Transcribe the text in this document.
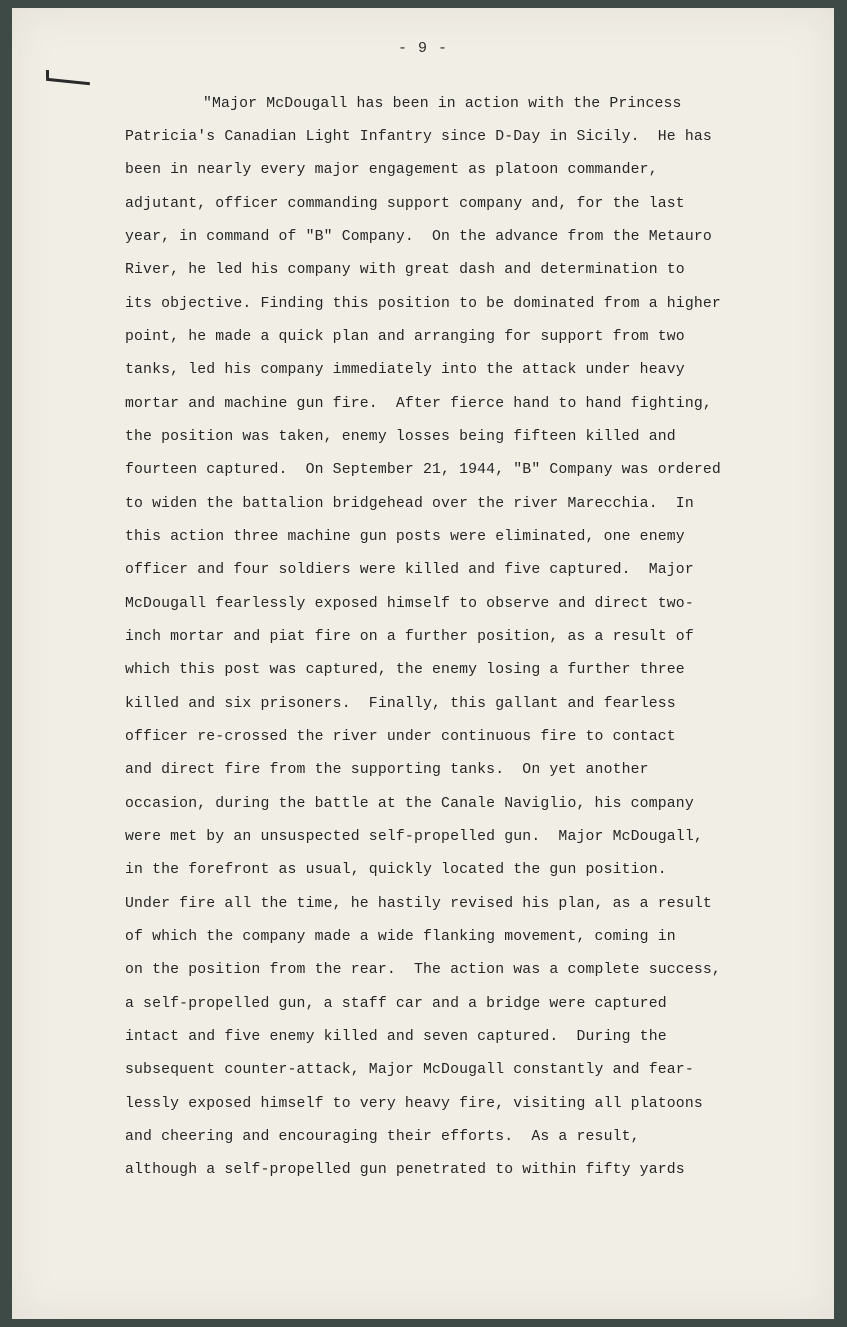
- 9 -
"Major McDougall has been in action with the Princess
Patricia's Canadian Light Infantry since D-Day in Sicily.  He has
been in nearly every major engagement as platoon commander,
adjutant, officer commanding support company and, for the last
year, in command of "B" Company.  On the advance from the Metauro
River, he led his company with great dash and determination to
its objective. Finding this position to be dominated from a higher
point, he made a quick plan and arranging for support from two
tanks, led his company immediately into the attack under heavy
mortar and machine gun fire.  After fierce hand to hand fighting,
the position was taken, enemy losses being fifteen killed and
fourteen captured.  On September 21, 1944, "B" Company was ordered
to widen the battalion bridgehead over the river Marecchia.  In
this action three machine gun posts were eliminated, one enemy
officer and four soldiers were killed and five captured.  Major
McDougall fearlessly exposed himself to observe and direct two-
inch mortar and piat fire on a further position, as a result of
which this post was captured, the enemy losing a further three
killed and six prisoners.  Finally, this gallant and fearless
officer re-crossed the river under continuous fire to contact
and direct fire from the supporting tanks.  On yet another
occasion, during the battle at the Canale Naviglio, his company
were met by an unsuspected self-propelled gun.  Major McDougall,
in the forefront as usual, quickly located the gun position.
Under fire all the time, he hastily revised his plan, as a result
of which the company made a wide flanking movement, coming in
on the position from the rear.  The action was a complete success,
a self-propelled gun, a staff car and a bridge were captured
intact and five enemy killed and seven captured.  During the
subsequent counter-attack, Major McDougall constantly and fear-
lessly exposed himself to very heavy fire, visiting all platoons
and cheering and encouraging their efforts.  As a result,
although a self-propelled gun penetrated to within fifty yards
